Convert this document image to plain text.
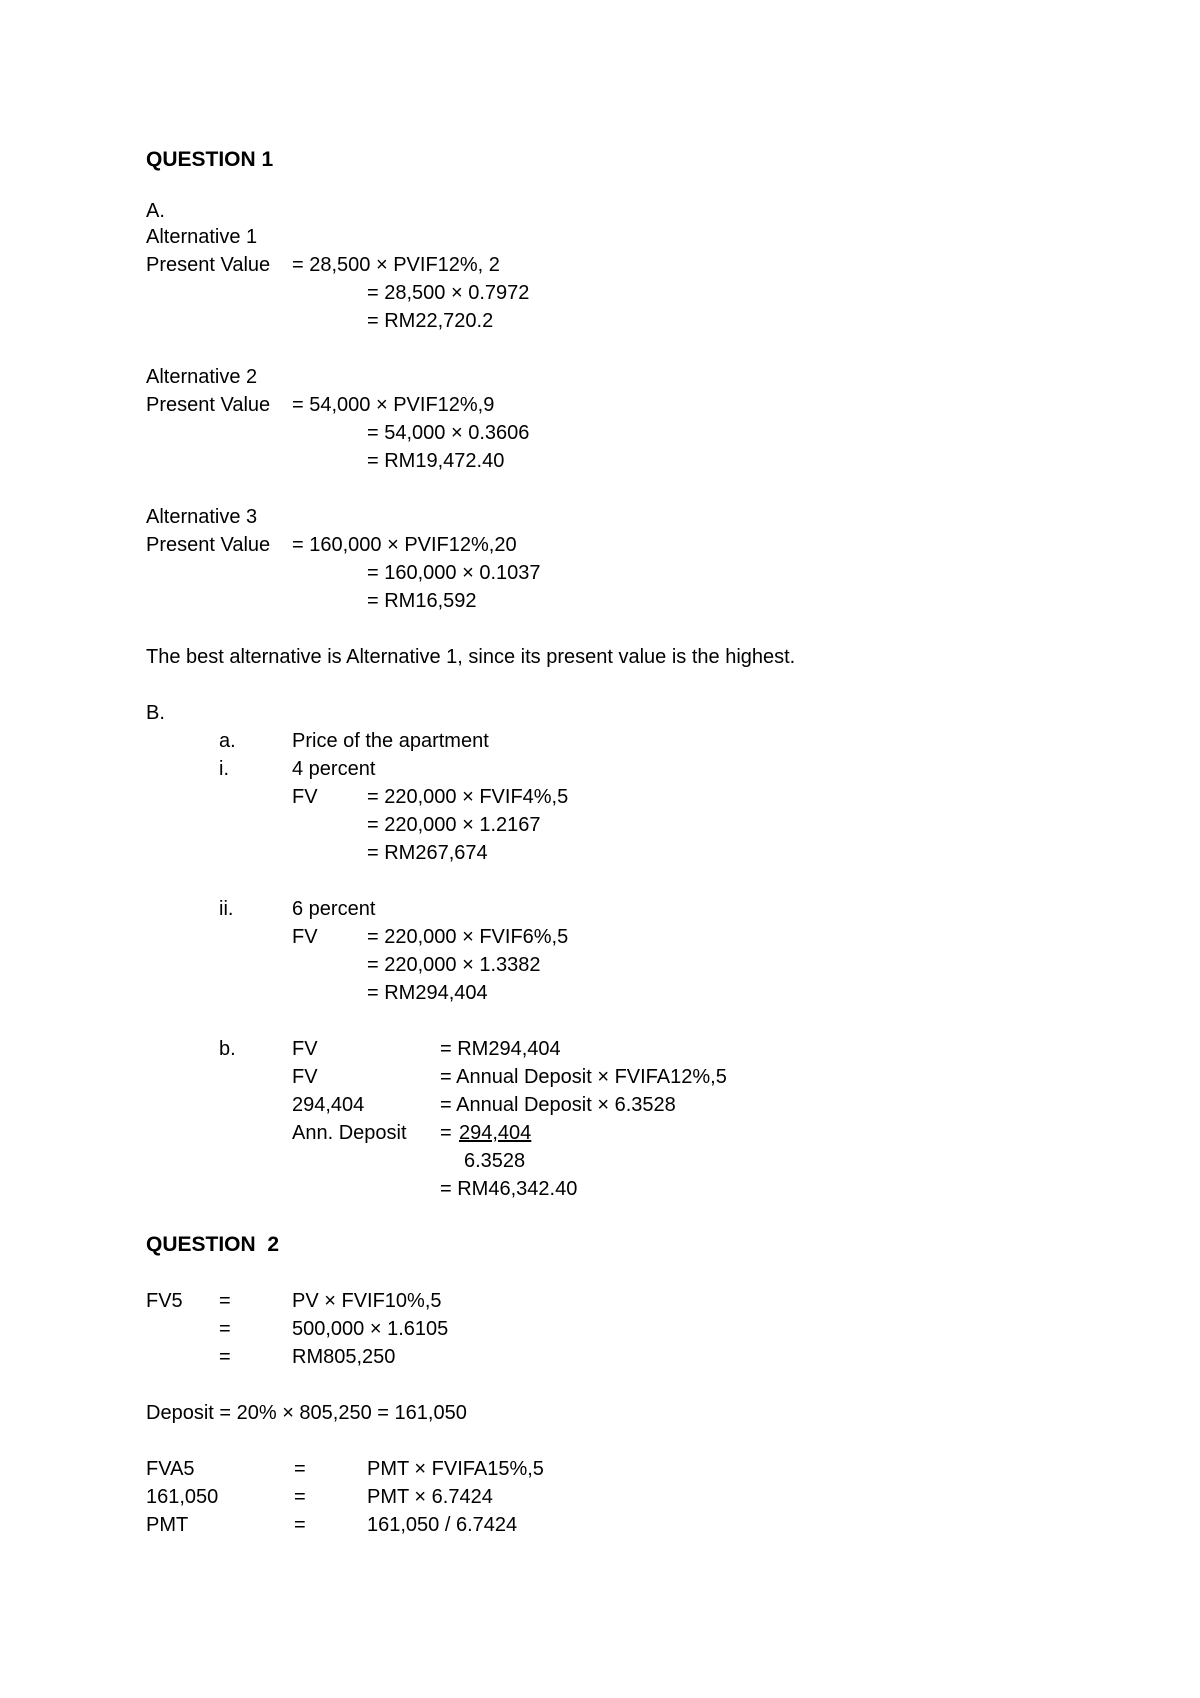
QUESTION 1
A.
Alternative 1
Present Value = 28,500 × PVIF12%, 2
= 28,500 × 0.7972
= RM22,720.2
Alternative 2
Present Value = 54,000 × PVIF12%,9
= 54,000 × 0.3606
= RM19,472.40
Alternative 3
Present Value = 160,000 × PVIF12%,20
= 160,000 × 0.1037
= RM16,592
The best alternative is Alternative 1, since its present value is the highest.
B.
a.	Price of the apartment
i.	4 percent
FV = 220,000 × FVIF4%,5
= 220,000 × 1.2167
= RM267,674
ii.	6 percent
FV = 220,000 × FVIF6%,5
= 220,000 × 1.3382
= RM294,404
b.	FV	= RM294,404
FV	= Annual Deposit × FVIFA12%,5
294,404	= Annual Deposit × 6.3528
Ann. Deposit = 294,404
6.3528
= RM46,342.40
QUESTION  2
FV5 =	PV × FVIF10%,5
=	500,000 × 1.6105
=	RM805,250
Deposit = 20% × 805,250 = 161,050
FVA5	=	PMT × FVIFA15%,5
161,050	=	PMT × 6.7424
PMT	=	161,050 / 6.7424
